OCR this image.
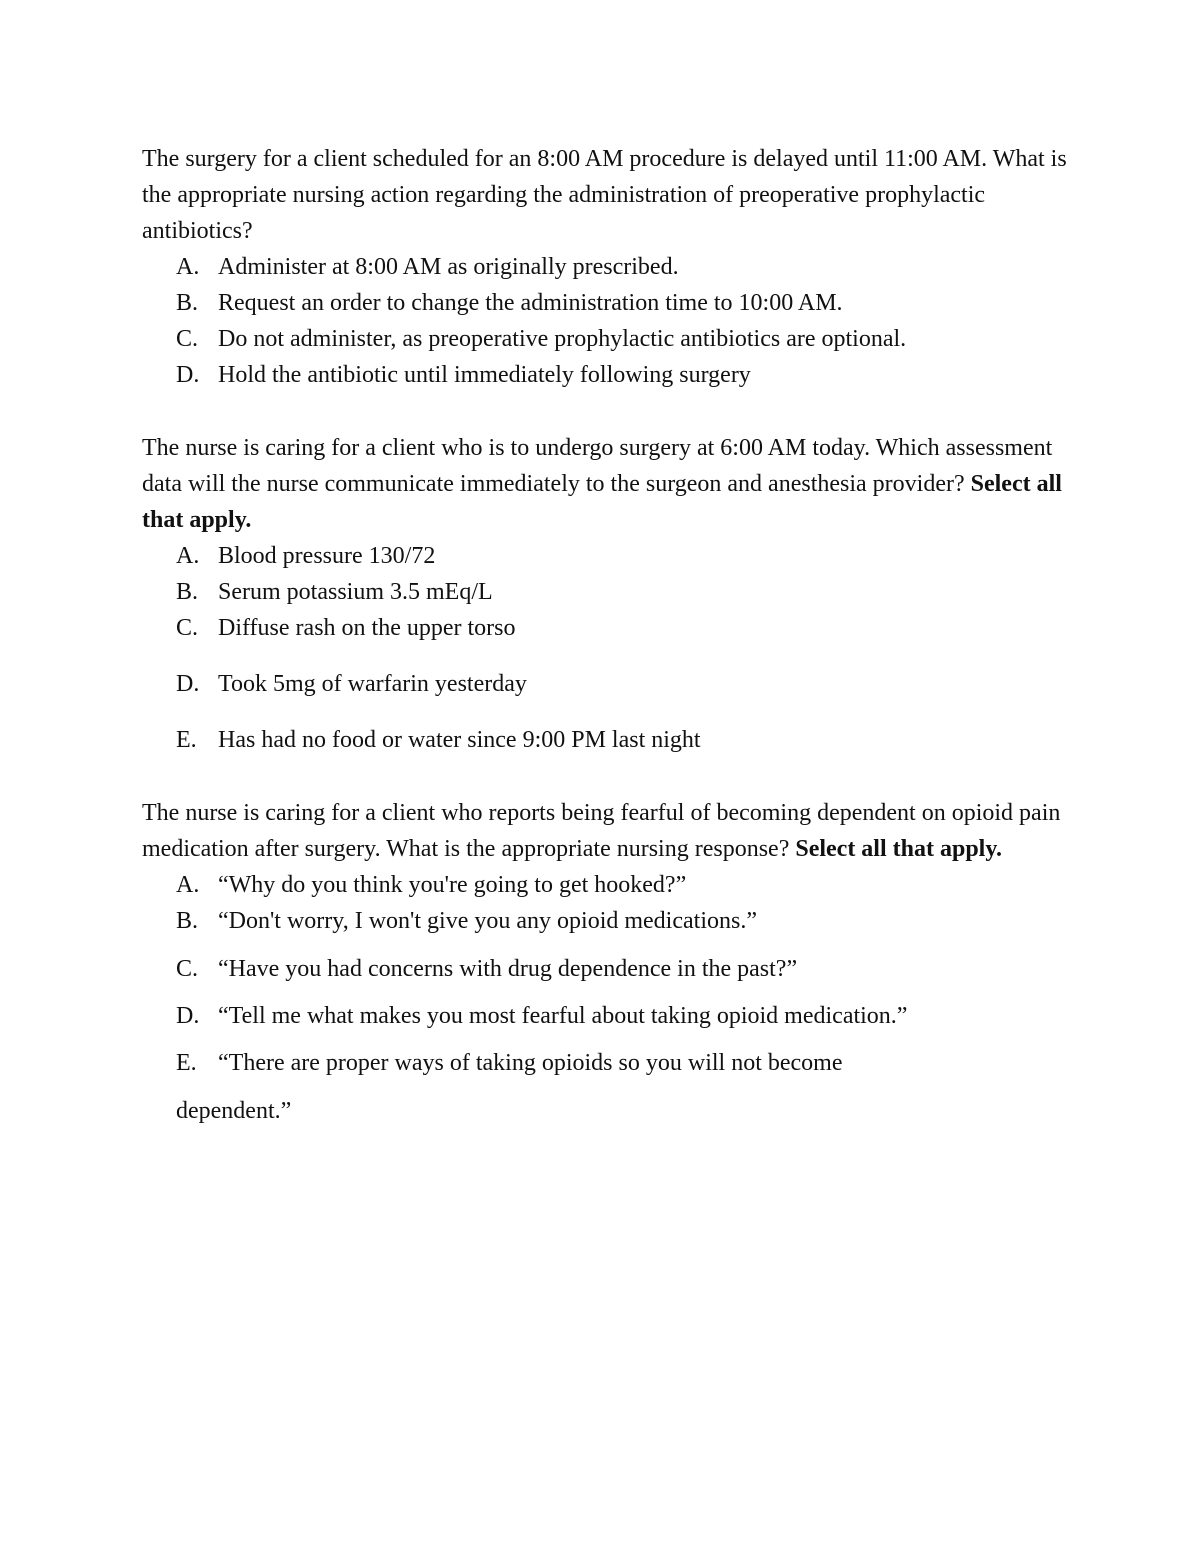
The surgery for a client scheduled for an 8:00 AM procedure is delayed until 11:00 AM. What is the appropriate nursing action regarding the administration of preoperative prophylactic antibiotics?

A. Administer at 8:00 AM as originally prescribed.
B. Request an order to change the administration time to 10:00 AM.
C. Do not administer, as preoperative prophylactic antibiotics are optional.
D. Hold the antibiotic until immediately following surgery

The nurse is caring for a client who is to undergo surgery at 6:00 AM today. Which assessment data will the nurse communicate immediately to the surgeon and anesthesia provider? Select all that apply.

A. Blood pressure 130/72
B. Serum potassium 3.5 mEq/L
C. Diffuse rash on the upper torso
D. Took 5mg of warfarin yesterday
E. Has had no food or water since 9:00 PM last night

The nurse is caring for a client who reports being fearful of becoming dependent on opioid pain medication after surgery. What is the appropriate nursing response? Select all that apply.

A. “Why do you think you're going to get hooked?”
B. “Don't worry, I won't give you any opioid medications.”
C. “Have you had concerns with drug dependence in the past?”
D. “Tell me what makes you most fearful about taking opioid medication.”
E. “There are proper ways of taking opioids so you will not become
dependent.”
